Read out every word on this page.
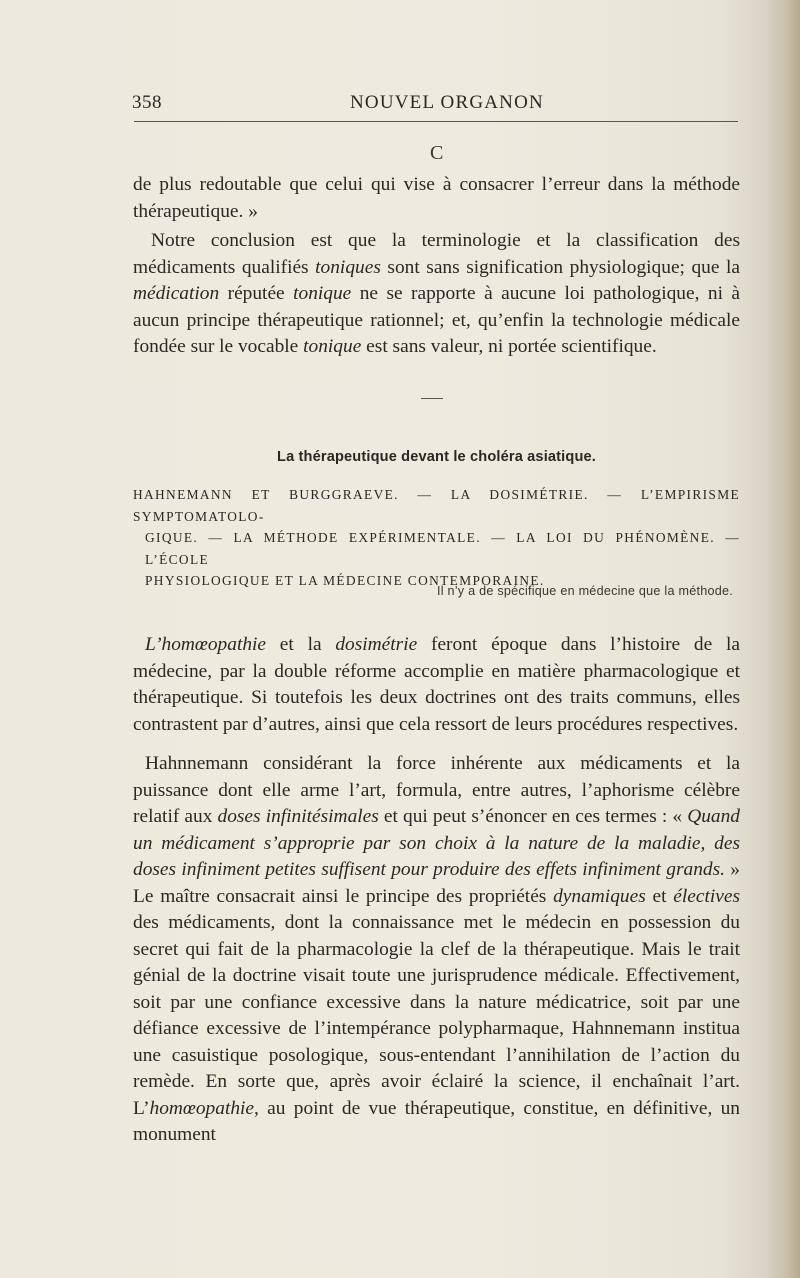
358	NOUVEL ORGANON
C

de plus redoutable que celui qui vise à consacrer l’erreur dans la méthode thérapeutique. »

Notre conclusion est que la terminologie et la classification des médicaments qualifiés toniques sont sans signification physiologique; que la médication réputée tonique ne se rapporte à aucune loi pathologique, ni à aucun principe thérapeutique rationnel; et, qu’enfin la technologie médicale fondée sur le vocable tonique est sans valeur, ni portée scientifique.

La thérapeutique devant le choléra asiatique.
HAHNEMANN ET BURGGRAEVE. — LA DOSIMÉTRIE. — L’EMPIRISME SYMPTOMATOLO-
GIQUE. — LA MÉTHODE EXPÉRIMENTALE. — LA LOI DU PHÉNOMÈNE. — L’ÉCOLE
PHYSIOLOGIQUE ET LA MÉDECINE CONTEMPORAINE.
Il n’y a de spécifique en médecine que la méthode.

L’homœopathie et la dosimétrie feront époque dans l’histoire de la médecine, par la double réforme accomplie en matière pharmacologique et thérapeutique. Si toutefois les deux doctrines ont des traits communs, elles contrastent par d’autres, ainsi que cela ressort de leurs procédures respectives.

Hahnnemann considérant la force inhérente aux médicaments et la puissance dont elle arme l’art, formula, entre autres, l’aphorisme célèbre relatif aux doses infinitésimales et qui peut s’énoncer en ces termes : « Quand un médicament s’approprie par son choix à la nature de la maladie, des doses infiniment petites suffisent pour produire des effets infiniment grands. » Le maître consacrait ainsi le principe des propriétés dynamiques et électives des médicaments, dont la connaissance met le médecin en possession du secret qui fait de la pharmacologie la clef de la thérapeutique. Mais le trait génial de la doctrine visait toute une jurisprudence médicale. Effectivement, soit par une confiance excessive dans la nature médicatrice, soit par une défiance excessive de l’intempérance polypharmaque, Hahnnemann institua une casuistique posologique, sous-entendant l’annihilation de l’action du remède. En sorte que, après avoir éclairé la science, il enchaînait l’art. L’homœopathie, au point de vue thérapeutique, constitue, en définitive, un monument
